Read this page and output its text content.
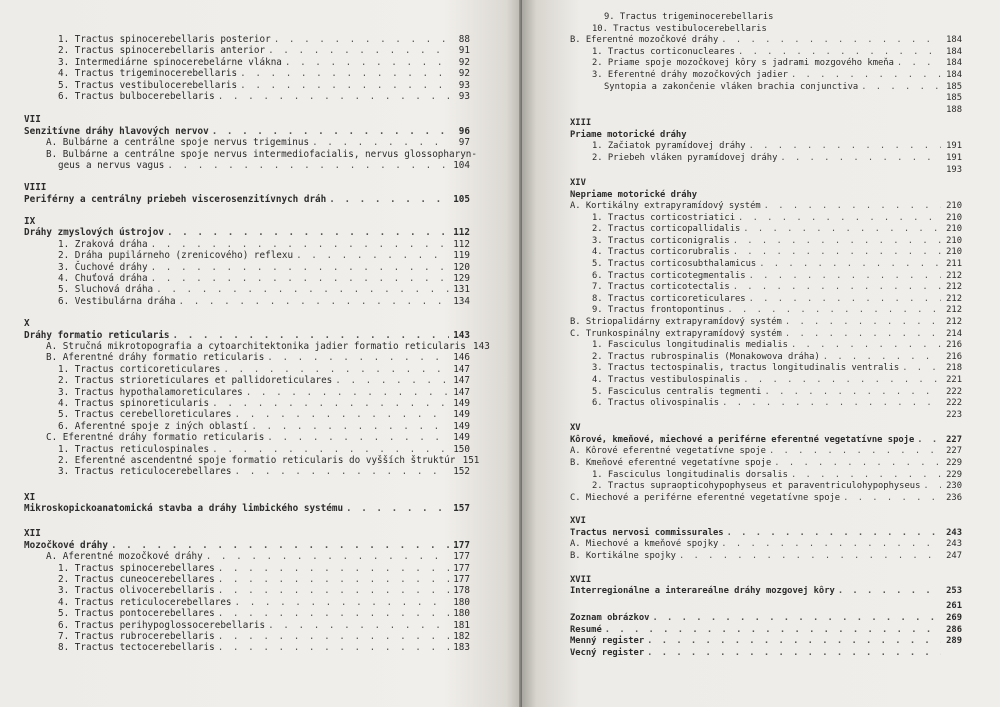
1. Tractus spinocerebellaris posterior . . .	88
2. Tractus spinocerebellaris anterior . . .	91
3. Intermediárne spinocerebelárne vlákna . . .	92
4. Tractus trigeminocerebellaris . . .	92
5. Tractus vestibulocerebellaris . . .	93
6. Tractus bulbocerebellaris . . .	93
VII
Senzitívne dráhy hlavových nervov . . .	96
A. Bulbárne a centrálne spoje nervus trigeminus . . .	97
B. Bulbárne a centrálne spoje nervus intermediofacialis, nervus glossopharyn-
geus a nervus vagus . . .	104
VIII
Periférny a centrálny priebeh viscerosenzitívnych dráh . . .	105
IX
Dráhy zmyslových ústrojov . . .	112
1. Zraková dráha . . .	112
2. Dráha pupilárneho (zrenicového) reflexu . . .	119
3. Čuchové dráhy . . .	120
4. Chuťová dráha . . .	129
5. Sluchová dráha . . .	131
6. Vestibulárna dráha . . .	134
X
Dráhy formatio reticularis . . .	143
A. Stručná mikrotopografia a cytoarchitektonika jadier formatio reticularis 143
B. Aferentné dráhy formatio reticularis . . .	146
1. Tractus corticoreticulares . . .	147
2. Tractus strioreticulares et pallidoreticulares . . .	147
3. Tractus hypothalamoreticulares . . .	147
4. Tractus spinoreticularis . . .	149
5. Tractus cerebelloreticulares . . .	149
6. Aferentné spoje z iných oblastí . . .	149
C. Eferentné dráhy formatio reticularis . . .	149
1. Tractus reticulospinales . . .	150
2. Eferentné ascendentné spoje formatio reticularis do vyšších štruktúr 151
3. Tractus reticulocerebellares . . .	152
XI
Mikroskopickoanatomická stavba a dráhy limbického systému . . .	157
XII
Mozočkové dráhy . . .	177
A. Aferentné mozočkové dráhy . . .	177
1. Tractus spinocerebellares . . .	177
2. Tractus cuneocerebellares . . .	177
3. Tractus olivocerebellaris . . .	178
4. Tractus reticulocerebellares . . .	180
5. Tractus pontocerebellares . . .	180
6. Tractus perihypoglossocerebellaris . . .	181
7. Tractus rubrocerebellaris . . .	182
8. Tractus tectocerebellaris . . .	183
9. Tractus trigeminocerebellaris
10. Tractus vestibulocerebellaris
B. Eferentné mozočkové dráhy . . .	184
1. Tractus corticonucleares . . .	184
2. Priame spoje mozočkovej kôry s jadrami mozgového kmeňa . . .	184
3. Eferentné dráhy mozočkových jadier . . .	184
Syntopia a zakončenie vláken brachia conjunctiva . . .	185
185
188
XIII
Priame motorické dráhy
1. Začiatok pyramídovej dráhy . . .	191
2. Priebeh vláken pyramídovej dráhy . . .	191
193
XIV
Nepriame motorické dráhy
A. Kortikálny extrapyramídový systém . . .	210
1. Tractus corticostriatici . . .	210
2. Tractus corticopallidalis . . .	210
3. Tractus corticonigralis . . .	210
4. Tractus corticorubralis . . .	210
5. Tractus corticosubthalamicus . . .	211
6. Tractus corticotegmentalis . . .	212
7. Tractus corticotectalis . . .	212
8. Tractus corticoreticulares . . .	212
9. Tractus frontopontinus . . .	212
B. Striopalidárny extrapyramídový systém . . .	212
C. Trunkospinálny extrapyramídový systém . . .	214
1. Fasciculus longitudinalis medialis . . .	216
2. Tractus rubrospinalis (Monakowova dráha) . . .	216
3. Tractus tectospinalis, tractus longitudinalis ventralis . . .	218
4. Tractus vestibulospinalis . . .	221
5. Fasciculus centralis tegmenti . . .	222
6. Tractus olivospinalis . . .	222
223
XV
Kôrové, kmeňové, miechové a periférne eferentné vegetatívne spoje . . .	227
A. Kôrové eferentné vegetatívne spoje . . .	227
B. Kmeňové eferentné vegetatívne spoje . . .	229
1. Fasciculus longitudinalis dorsalis . . .	229
2. Tractus supraopticohypophyseus et paraventriculohypophyseus . . .	230
C. Miechové a periférne eferentné vegetatívne spoje . . .	236
XVI
Tractus nervosi commissurales . . .	243
A. Miechové a kmeňové spojky . . .	243
B. Kortikálne spojky . . .	247
XVII
Interregionálne a interareálne dráhy mozgovej kôry . . .	253
261
Zoznam obrázkov . . .	269
Resumé . . .	286
Menný register . . .	289
Vecný register
. . .
